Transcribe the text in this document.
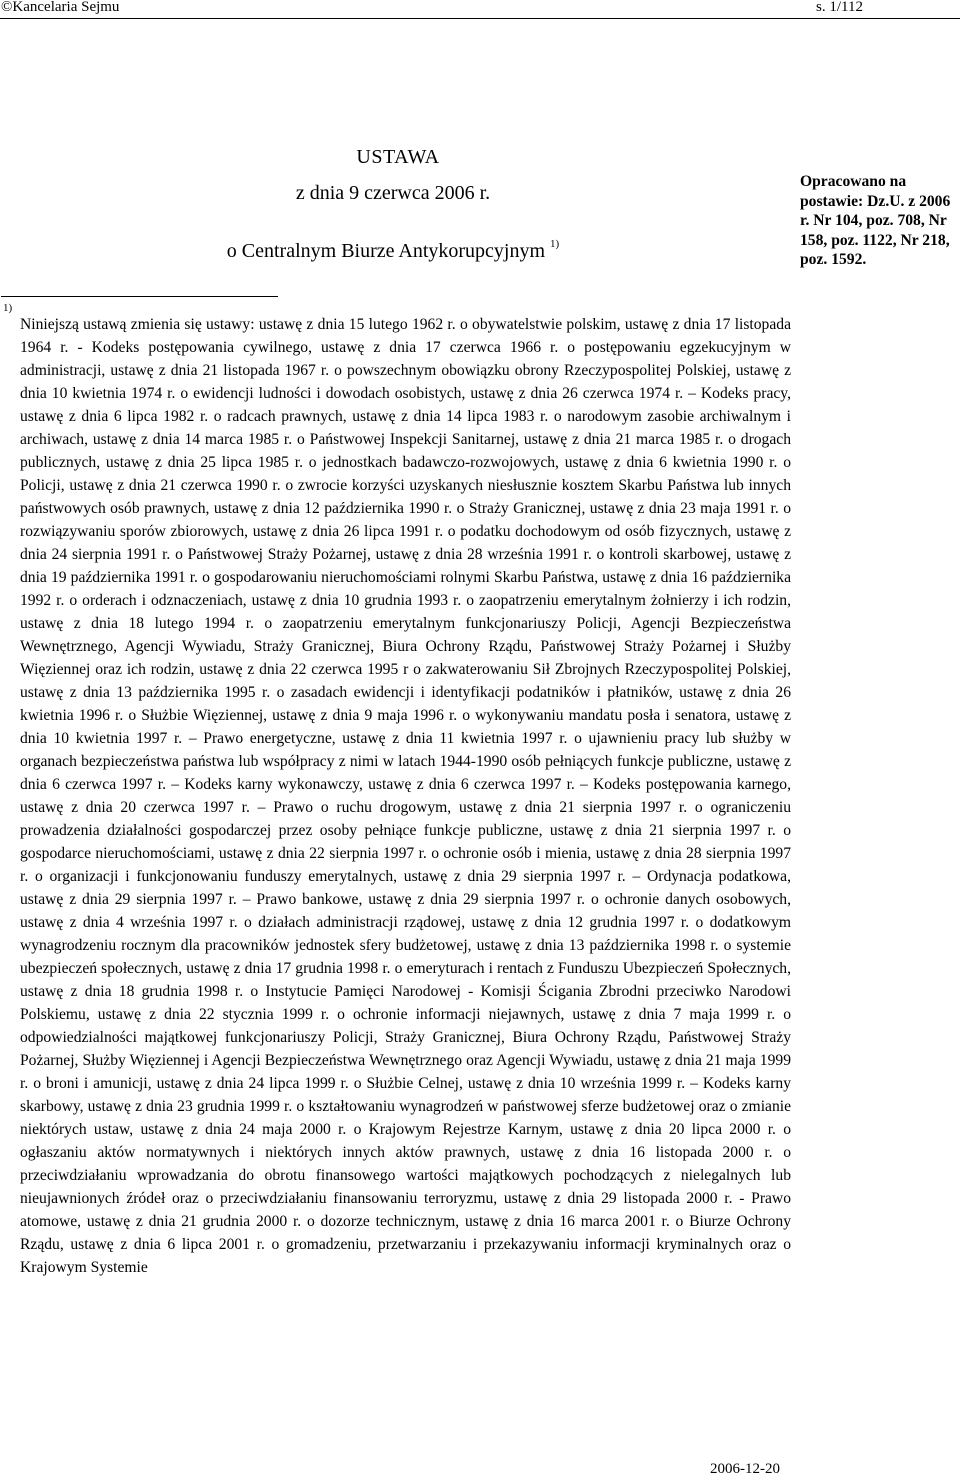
©Kancelaria Sejmu	s. 1/112
USTAWA
z dnia 9 czerwca 2006 r.
o Centralnym Biurze Antykorupcyjnym $^{1)}$
Opracowano na postawie: Dz.U. z 2006 r. Nr 104, poz. 708, Nr 158, poz. 1122, Nr 218, poz. 1592.
$^{1)}$
Niniejszą ustawą zmienia się ustawy: ustawę z dnia 15 lutego 1962 r. o obywatelstwie polskim, ustawę z dnia 17 listopada 1964 r. - Kodeks postępowania cywilnego, ustawę z dnia 17 czerwca 1966 r. o postępowaniu egzekucyjnym w administracji, ustawę z dnia 21 listopada 1967 r. o powszechnym obowiązku obrony Rzeczypospolitej Polskiej, ustawę z dnia 10 kwietnia 1974 r. o ewidencji ludności i dowodach osobistych, ustawę z dnia 26 czerwca 1974 r. – Kodeks pracy, ustawę z dnia 6 lipca 1982 r. o radcach prawnych, ustawę z dnia 14 lipca 1983 r. o narodowym zasobie archiwalnym i archiwach, ustawę z dnia 14 marca 1985 r. o Państwowej Inspekcji Sanitarnej, ustawę z dnia 21 marca 1985 r. o drogach publicznych, ustawę z dnia 25 lipca 1985 r. o jednostkach badawczo-rozwojowych, ustawę z dnia 6 kwietnia 1990 r. o Policji, ustawę z dnia 21 czerwca 1990 r. o zwrocie korzyści uzyskanych niesłusznie kosztem Skarbu Państwa lub innych państwowych osób prawnych, ustawę z dnia 12 października 1990 r. o Straży Granicznej, ustawę z dnia 23 maja 1991 r. o rozwiązywaniu sporów zbiorowych, ustawę z dnia 26 lipca 1991 r. o podatku dochodowym od osób fizycznych, ustawę z dnia 24 sierpnia 1991 r. o Państwowej Straży Pożarnej, ustawę z dnia 28 września 1991 r. o kontroli skarbowej, ustawę z dnia 19 października 1991 r. o gospodarowaniu nieruchomościami rolnymi Skarbu Państwa, ustawę z dnia 16 października 1992 r. o orderach i odznaczeniach, ustawę z dnia 10 grudnia 1993 r. o zaopatrzeniu emerytalnym żołnierzy i ich rodzin, ustawę z dnia 18 lutego 1994 r. o zaopatrzeniu emerytalnym funkcjonariuszy Policji, Agencji Bezpieczeństwa Wewnętrznego, Agencji Wywiadu, Straży Granicznej, Biura Ochrony Rządu, Państwowej Straży Pożarnej i Służby Więziennej oraz ich rodzin, ustawę z dnia 22 czerwca 1995 r o zakwaterowaniu Sił Zbrojnych Rzeczypospolitej Polskiej, ustawę z dnia 13 października 1995 r. o zasadach ewidencji i identyfikacji podatników i płatników, ustawę z dnia 26 kwietnia 1996 r. o Służbie Więziennej, ustawę z dnia 9 maja 1996 r. o wykonywaniu mandatu posła i senatora, ustawę z dnia 10 kwietnia 1997 r. – Prawo energetyczne, ustawę z dnia 11 kwietnia 1997 r. o ujawnieniu pracy lub służby w organach bezpieczeństwa państwa lub współpracy z nimi w latach 1944-1990 osób pełniących funkcje publiczne, ustawę z dnia 6 czerwca 1997 r. – Kodeks karny wykonawczy, ustawę z dnia 6 czerwca 1997 r. – Kodeks postępowania karnego, ustawę z dnia 20 czerwca 1997 r. – Prawo o ruchu drogowym, ustawę z dnia 21 sierpnia 1997 r. o ograniczeniu prowadzenia działalności gospodarczej przez osoby pełniące funkcje publiczne, ustawę z dnia 21 sierpnia 1997 r. o gospodarce nieruchomościami, ustawę z dnia 22 sierpnia 1997 r. o ochronie osób i mienia, ustawę z dnia 28 sierpnia 1997 r. o organizacji i funkcjonowaniu funduszy emerytalnych, ustawę z dnia 29 sierpnia 1997 r. – Ordynacja podatkowa, ustawę z dnia 29 sierpnia 1997 r. – Prawo bankowe, ustawę z dnia 29 sierpnia 1997 r. o ochronie danych osobowych, ustawę z dnia 4 września 1997 r. o działach administracji rządowej, ustawę z dnia 12 grudnia 1997 r. o dodatkowym wynagrodzeniu rocznym dla pracowników jednostek sfery budżetowej, ustawę z dnia 13 października 1998 r. o systemie ubezpieczeń społecznych, ustawę z dnia 17 grudnia 1998 r. o emeryturach i rentach z Funduszu Ubezpieczeń Społecznych, ustawę z dnia 18 grudnia 1998 r. o Instytucie Pamięci Narodowej - Komisji Ścigania Zbrodni przeciwko Narodowi Polskiemu, ustawę z dnia 22 stycznia 1999 r. o ochronie informacji niejawnych, ustawę z dnia 7 maja 1999 r. o odpowiedzialności majątkowej funkcjonariuszy Policji, Straży Granicznej, Biura Ochrony Rządu, Państwowej Straży Pożarnej, Służby Więziennej i Agencji Bezpieczeństwa Wewnętrznego oraz Agencji Wywiadu, ustawę z dnia 21 maja 1999 r. o broni i amunicji, ustawę z dnia 24 lipca 1999 r. o Służbie Celnej, ustawę z dnia 10 września 1999 r. – Kodeks karny skarbowy, ustawę z dnia 23 grudnia 1999 r. o kształtowaniu wynagrodzeń w państwowej sferze budżetowej oraz o zmianie niektórych ustaw, ustawę z dnia 24 maja 2000 r. o Krajowym Rejestrze Karnym, ustawę z dnia 20 lipca 2000 r. o ogłaszaniu aktów normatywnych i niektórych innych aktów prawnych, ustawę z dnia 16 listopada 2000 r. o przeciwdziałaniu wprowadzania do obrotu finansowego wartości majątkowych pochodzących z nielegalnych lub nieujawnionych źródeł oraz o przeciwdziałaniu finansowaniu terroryzmu, ustawę z dnia 29 listopada 2000 r. - Prawo atomowe, ustawę z dnia 21 grudnia 2000 r. o dozorze technicznym, ustawę z dnia 16 marca 2001 r. o Biurze Ochrony Rządu, ustawę z dnia 6 lipca 2001 r. o gromadzeniu, przetwarzaniu i przekazywaniu informacji kryminalnych oraz o Krajowym Systemie
2006-12-20
